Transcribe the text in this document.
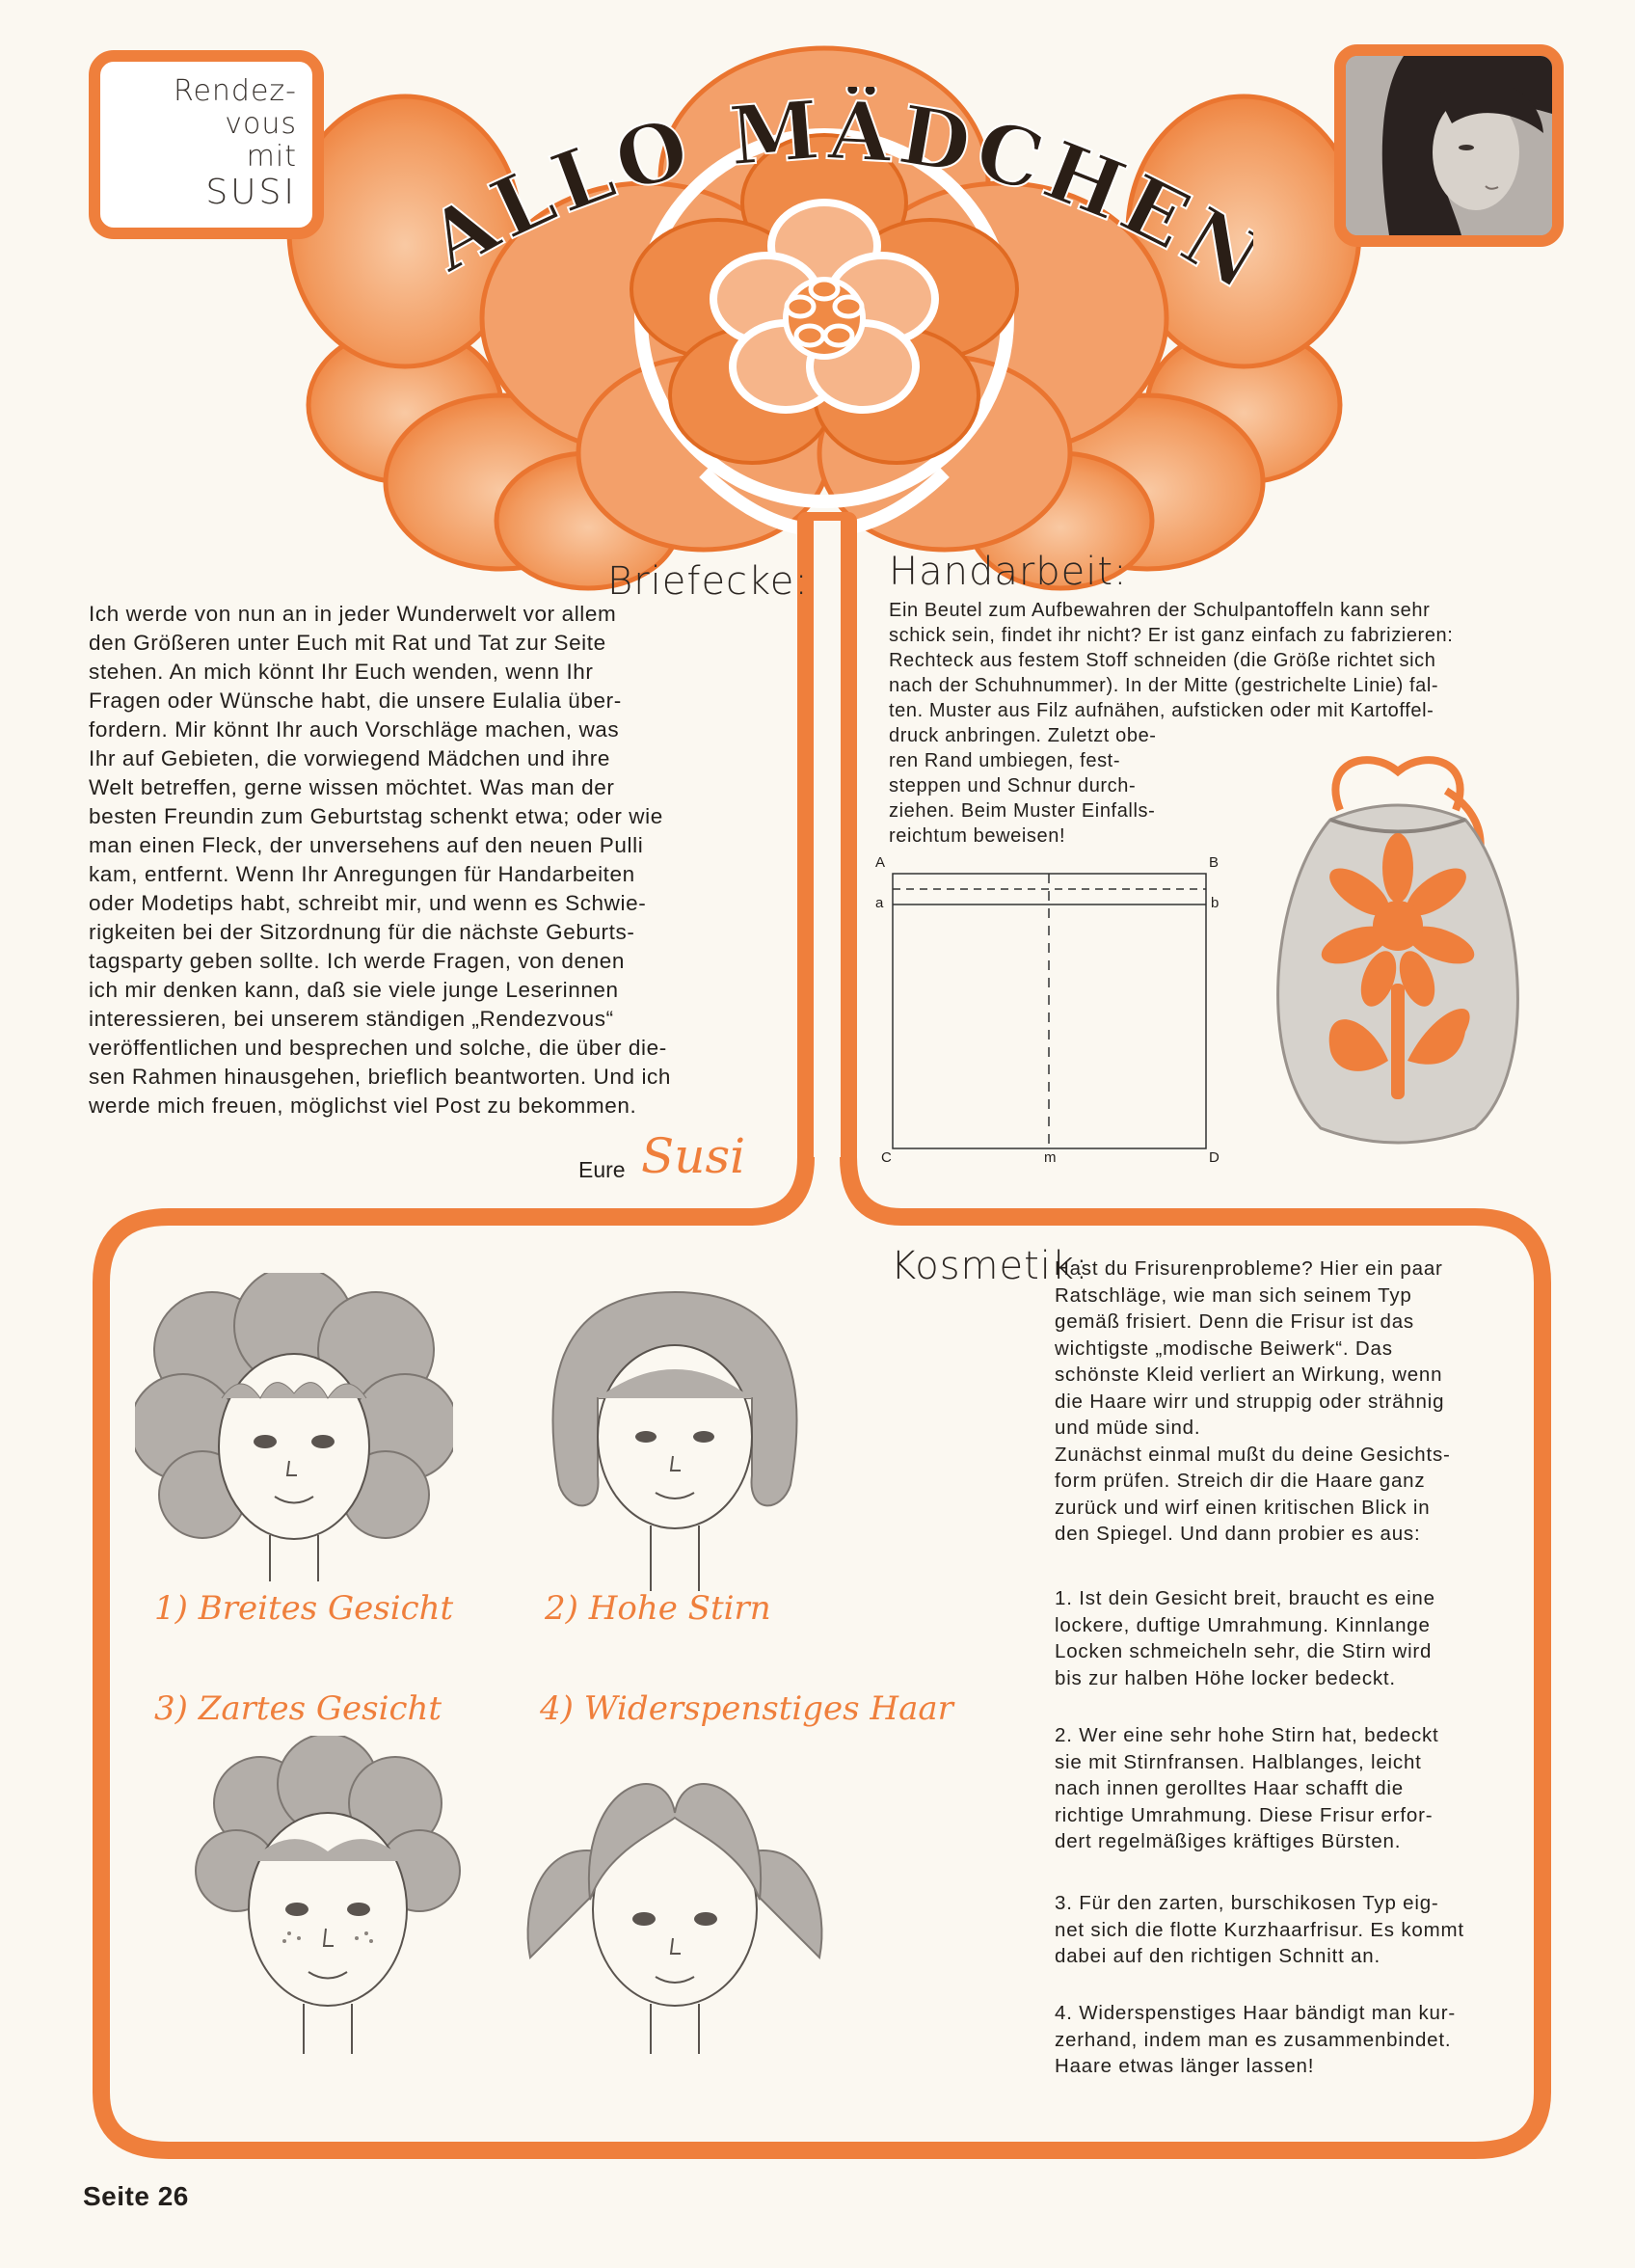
ALLO MÄDCHE
Rendez-
vous
mit
SUSI
Briefecke:
Ich werde von nun an in jeder Wunderwelt vor allem
den Größeren unter Euch mit Rat und Tat zur Seite
stehen. An mich könnt Ihr Euch wenden, wenn Ihr
Fragen oder Wünsche habt, die unsere Eulalia über-
fordern. Mir könnt Ihr auch Vorschläge machen, was
Ihr auf Gebieten, die vorwiegend Mädchen und ihre
Welt betreffen, gerne wissen möchtet. Was man der
besten Freundin zum Geburtstag schenkt etwa; oder wie
man einen Fleck, der unversehens auf den neuen Pulli
kam, entfernt. Wenn Ihr Anregungen für Handarbeiten
oder Modetips habt, schreibt mir, und wenn es Schwie-
rigkeiten bei der Sitzordnung für die nächste Geburts-
tagsparty geben sollte. Ich werde Fragen, von denen
ich mir denken kann, daß sie viele junge Leserinnen
interessieren, bei unserem ständigen „Rendezvous“
veröffentlichen und besprechen und solche, die über die-
sen Rahmen hinausgehen, brieflich beantworten. Und ich
werde mich freuen, möglichst viel Post zu bekommen.
Eure Susi
Handarbeit:
Ein Beutel zum Aufbewahren der Schulpantoffeln kann sehr
schick sein, findet ihr nicht? Er ist ganz einfach zu fabrizieren:
Rechteck aus festem Stoff schneiden (die Größe richtet sich
nach der Schuhnummer). In der Mitte (gestrichelte Linie) fal-
ten. Muster aus Filz aufnähen, aufsticken oder mit Kartoffel-
druck anbringen. Zuletzt obe-
ren Rand umbiegen, fest-
steppen und Schnur durch-
ziehen. Beim Muster Einfalls-
reichtum beweisen!
A	B
a	b
C	m	D
Kosmetik:
Hast du Frisurenprobleme? Hier ein paar
Ratschläge, wie man sich seinem Typ
gemäß frisiert. Denn die Frisur ist das
wichtigste „modische Beiwerk“. Das
schönste Kleid verliert an Wirkung, wenn
die Haare wirr und struppig oder strähnig
und müde sind.
Zunächst einmal mußt du deine Gesichts-
form prüfen. Streich dir die Haare ganz
zurück und wirf einen kritischen Blick in
den Spiegel. Und dann probier es aus:
1. Ist dein Gesicht breit, braucht es eine
lockere, duftige Umrahmung. Kinnlange
Locken schmeicheln sehr, die Stirn wird
bis zur halben Höhe locker bedeckt.
2. Wer eine sehr hohe Stirn hat, bedeckt
sie mit Stirnfransen. Halblanges, leicht
nach innen gerolltes Haar schafft die
richtige Umrahmung. Diese Frisur erfor-
dert regelmäßiges kräftiges Bürsten.
3. Für den zarten, burschikosen Typ eig-
net sich die flotte Kurzhaarfrisur. Es kommt
dabei auf den richtigen Schnitt an.
4. Widerspenstiges Haar bändigt man kur-
zerhand, indem man es zusammenbindet.
Haare etwas länger lassen!
1) Breites Gesicht	2) Hohe Stirn
3) Zartes Gesicht	4) Widerspenstiges Haar
Seite 26
